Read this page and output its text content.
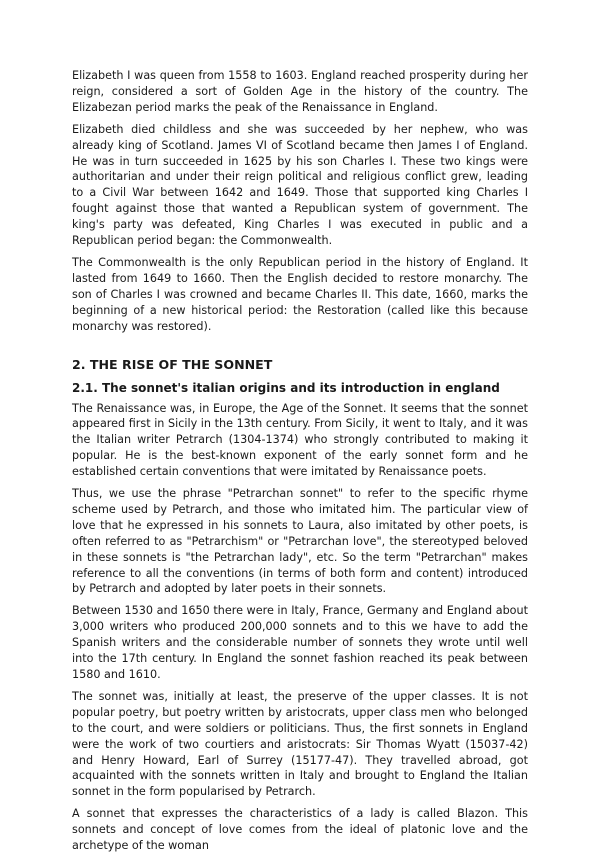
Elizabeth I was queen from 1558 to 1603. England reached prosperity during her reign, considered a sort of Golden Age in the history of the country. The Elizabezan period marks the peak of the Renaissance in England.

Elizabeth died childless and she was succeeded by her nephew, who was already king of Scotland. James VI of Scotland became then James I of England. He was in turn succeeded in 1625 by his son Charles I. These two kings were authoritarian and under their reign political and religious conflict grew, leading to a Civil War between 1642 and 1649. Those that supported king Charles I fought against those that wanted a Republican system of government. The king's party was defeated, King Charles I was executed in public and a Republican period began: the Commonwealth.

The Commonwealth is the only Republican period in the history of England. It lasted from 1649 to 1660. Then the English decided to restore monarchy. The son of Charles I was crowned and became Charles II. This date, 1660, marks the beginning of a new historical period: the Restoration (called like this because monarchy was restored).

2. THE RISE OF THE SONNET
2.1. The sonnet's italian origins and its introduction in england

The Renaissance was, in Europe, the Age of the Sonnet. It seems that the sonnet appeared first in Sicily in the 13th century. From Sicily, it went to Italy, and it was the Italian writer Petrarch (1304-1374) who strongly contributed to making it popular. He is the best-known exponent of the early sonnet form and he established certain conventions that were imitated by Renaissance poets.

Thus, we use the phrase "Petrarchan sonnet" to refer to the specific rhyme scheme used by Petrarch, and those who imitated him. The particular view of love that he expressed in his sonnets to Laura, also imitated by other poets, is often referred to as "Petrarchism" or "Petrarchan love", the stereotyped beloved in these sonnets is "the Petrarchan lady", etc. So the term "Petrarchan" makes reference to all the conventions (in terms of both form and content) introduced by Petrarch and adopted by later poets in their sonnets.

Between 1530 and 1650 there were in Italy, France, Germany and England about 3,000 writers who produced 200,000 sonnets and to this we have to add the Spanish writers and the considerable number of sonnets they wrote until well into the 17th century. In England the sonnet fashion reached its peak between 1580 and 1610.

The sonnet was, initially at least, the preserve of the upper classes. It is not popular poetry, but poetry written by aristocrats, upper class men who belonged to the court, and were soldiers or politicians. Thus, the first sonnets in England were the work of two courtiers and aristocrats: Sir Thomas Wyatt (15037-42) and Henry Howard, Earl of Surrey (15177-47). They travelled abroad, got acquainted with the sonnets written in Italy and brought to England the Italian sonnet in the form popularised by Petrarch.

A sonnet that expresses the characteristics of a lady is called Blazon. This sonnets and concept of love comes from the ideal of platonic love and the archetype of the woman
